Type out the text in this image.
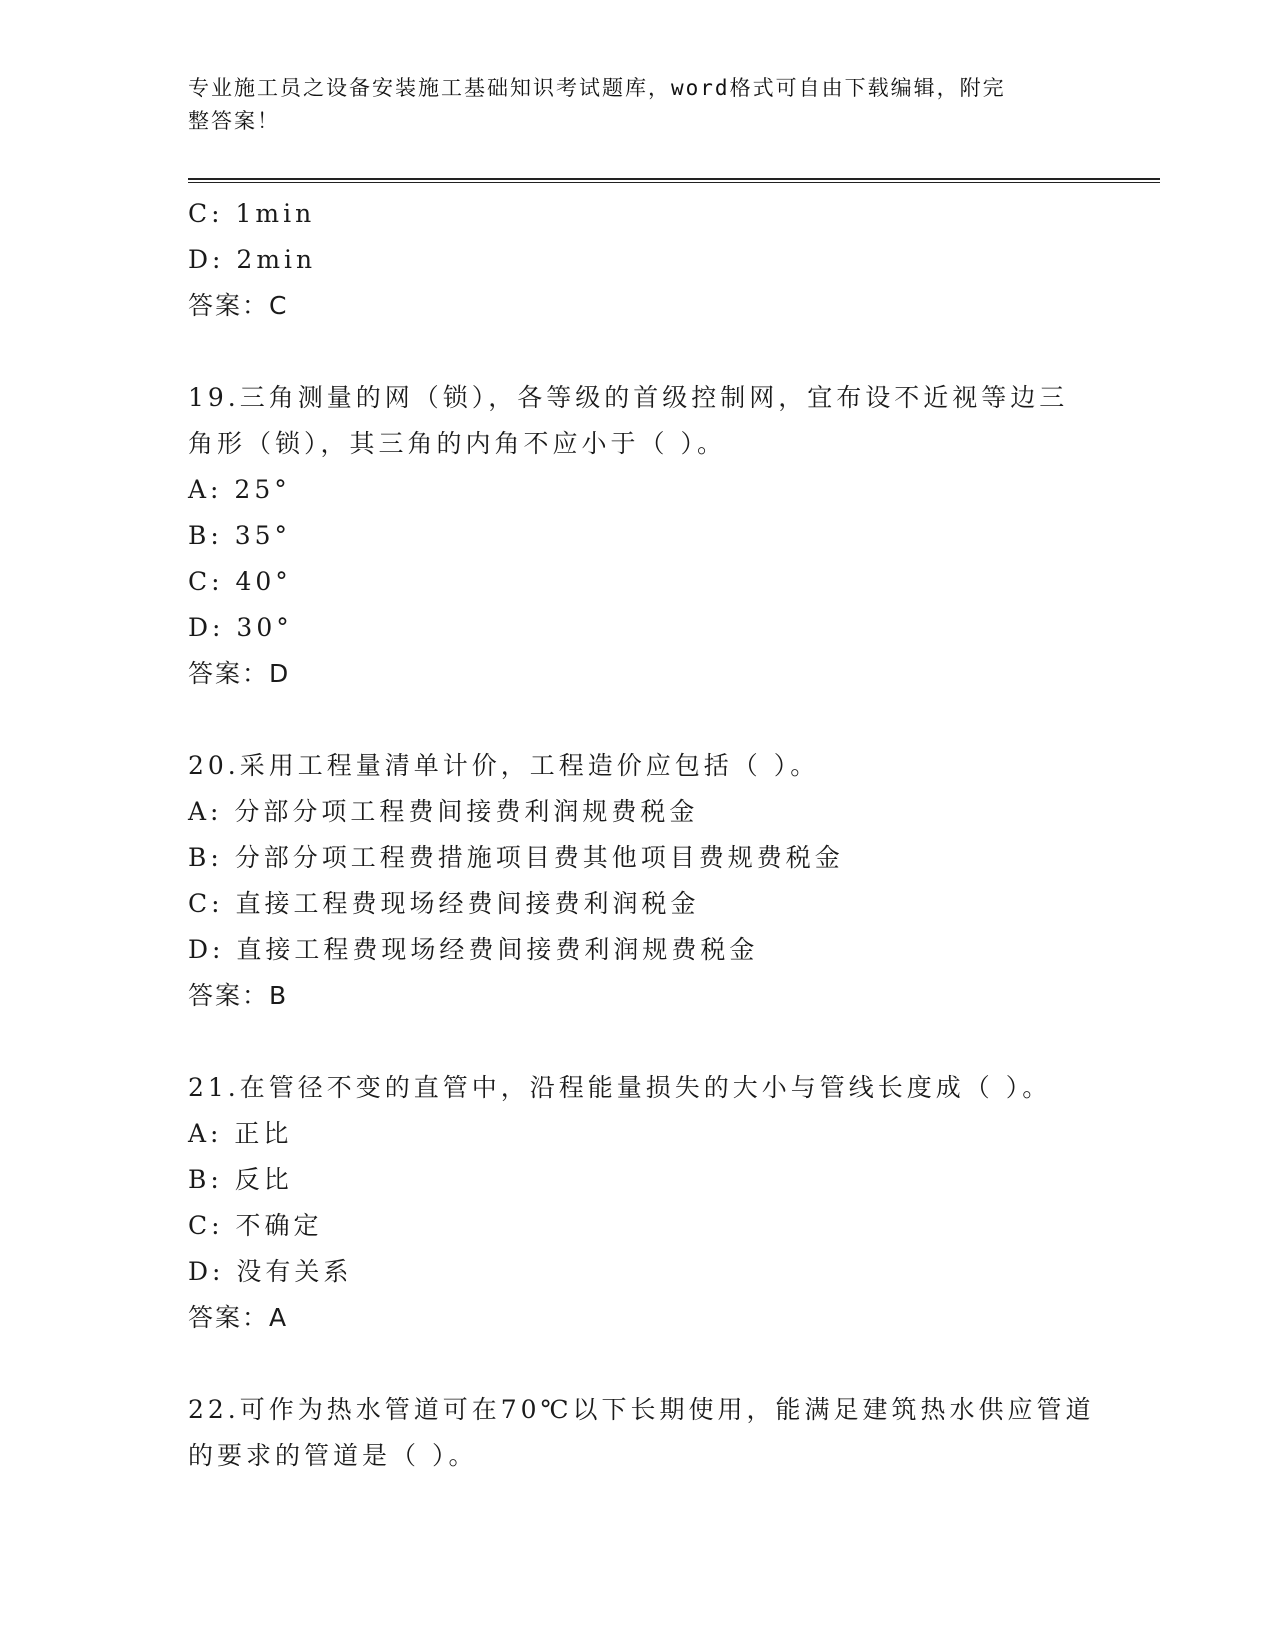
专业施工员之设备安装施工基础知识考试题库，word格式可自由下载编辑，附完
整答案！
C: 1min
D: 2min
答案：C
19.三角测量的网（锁），各等级的首级控制网，宜布设不近视等边三
角形（锁），其三角的内角不应小于（ ）。
A: 25°
B: 35°
C: 40°
D: 30°
答案：D
20.采用工程量清单计价，工程造价应包括（ ）。
A: 分部分项工程费间接费利润规费税金
B: 分部分项工程费措施项目费其他项目费规费税金
C: 直接工程费现场经费间接费利润税金
D: 直接工程费现场经费间接费利润规费税金
答案：B
21.在管径不变的直管中，沿程能量损失的大小与管线长度成（ ）。
A: 正比
B: 反比
C: 不确定
D: 没有关系
答案：A
22.可作为热水管道可在70℃以下长期使用，能满足建筑热水供应管道
的要求的管道是（ ）。
